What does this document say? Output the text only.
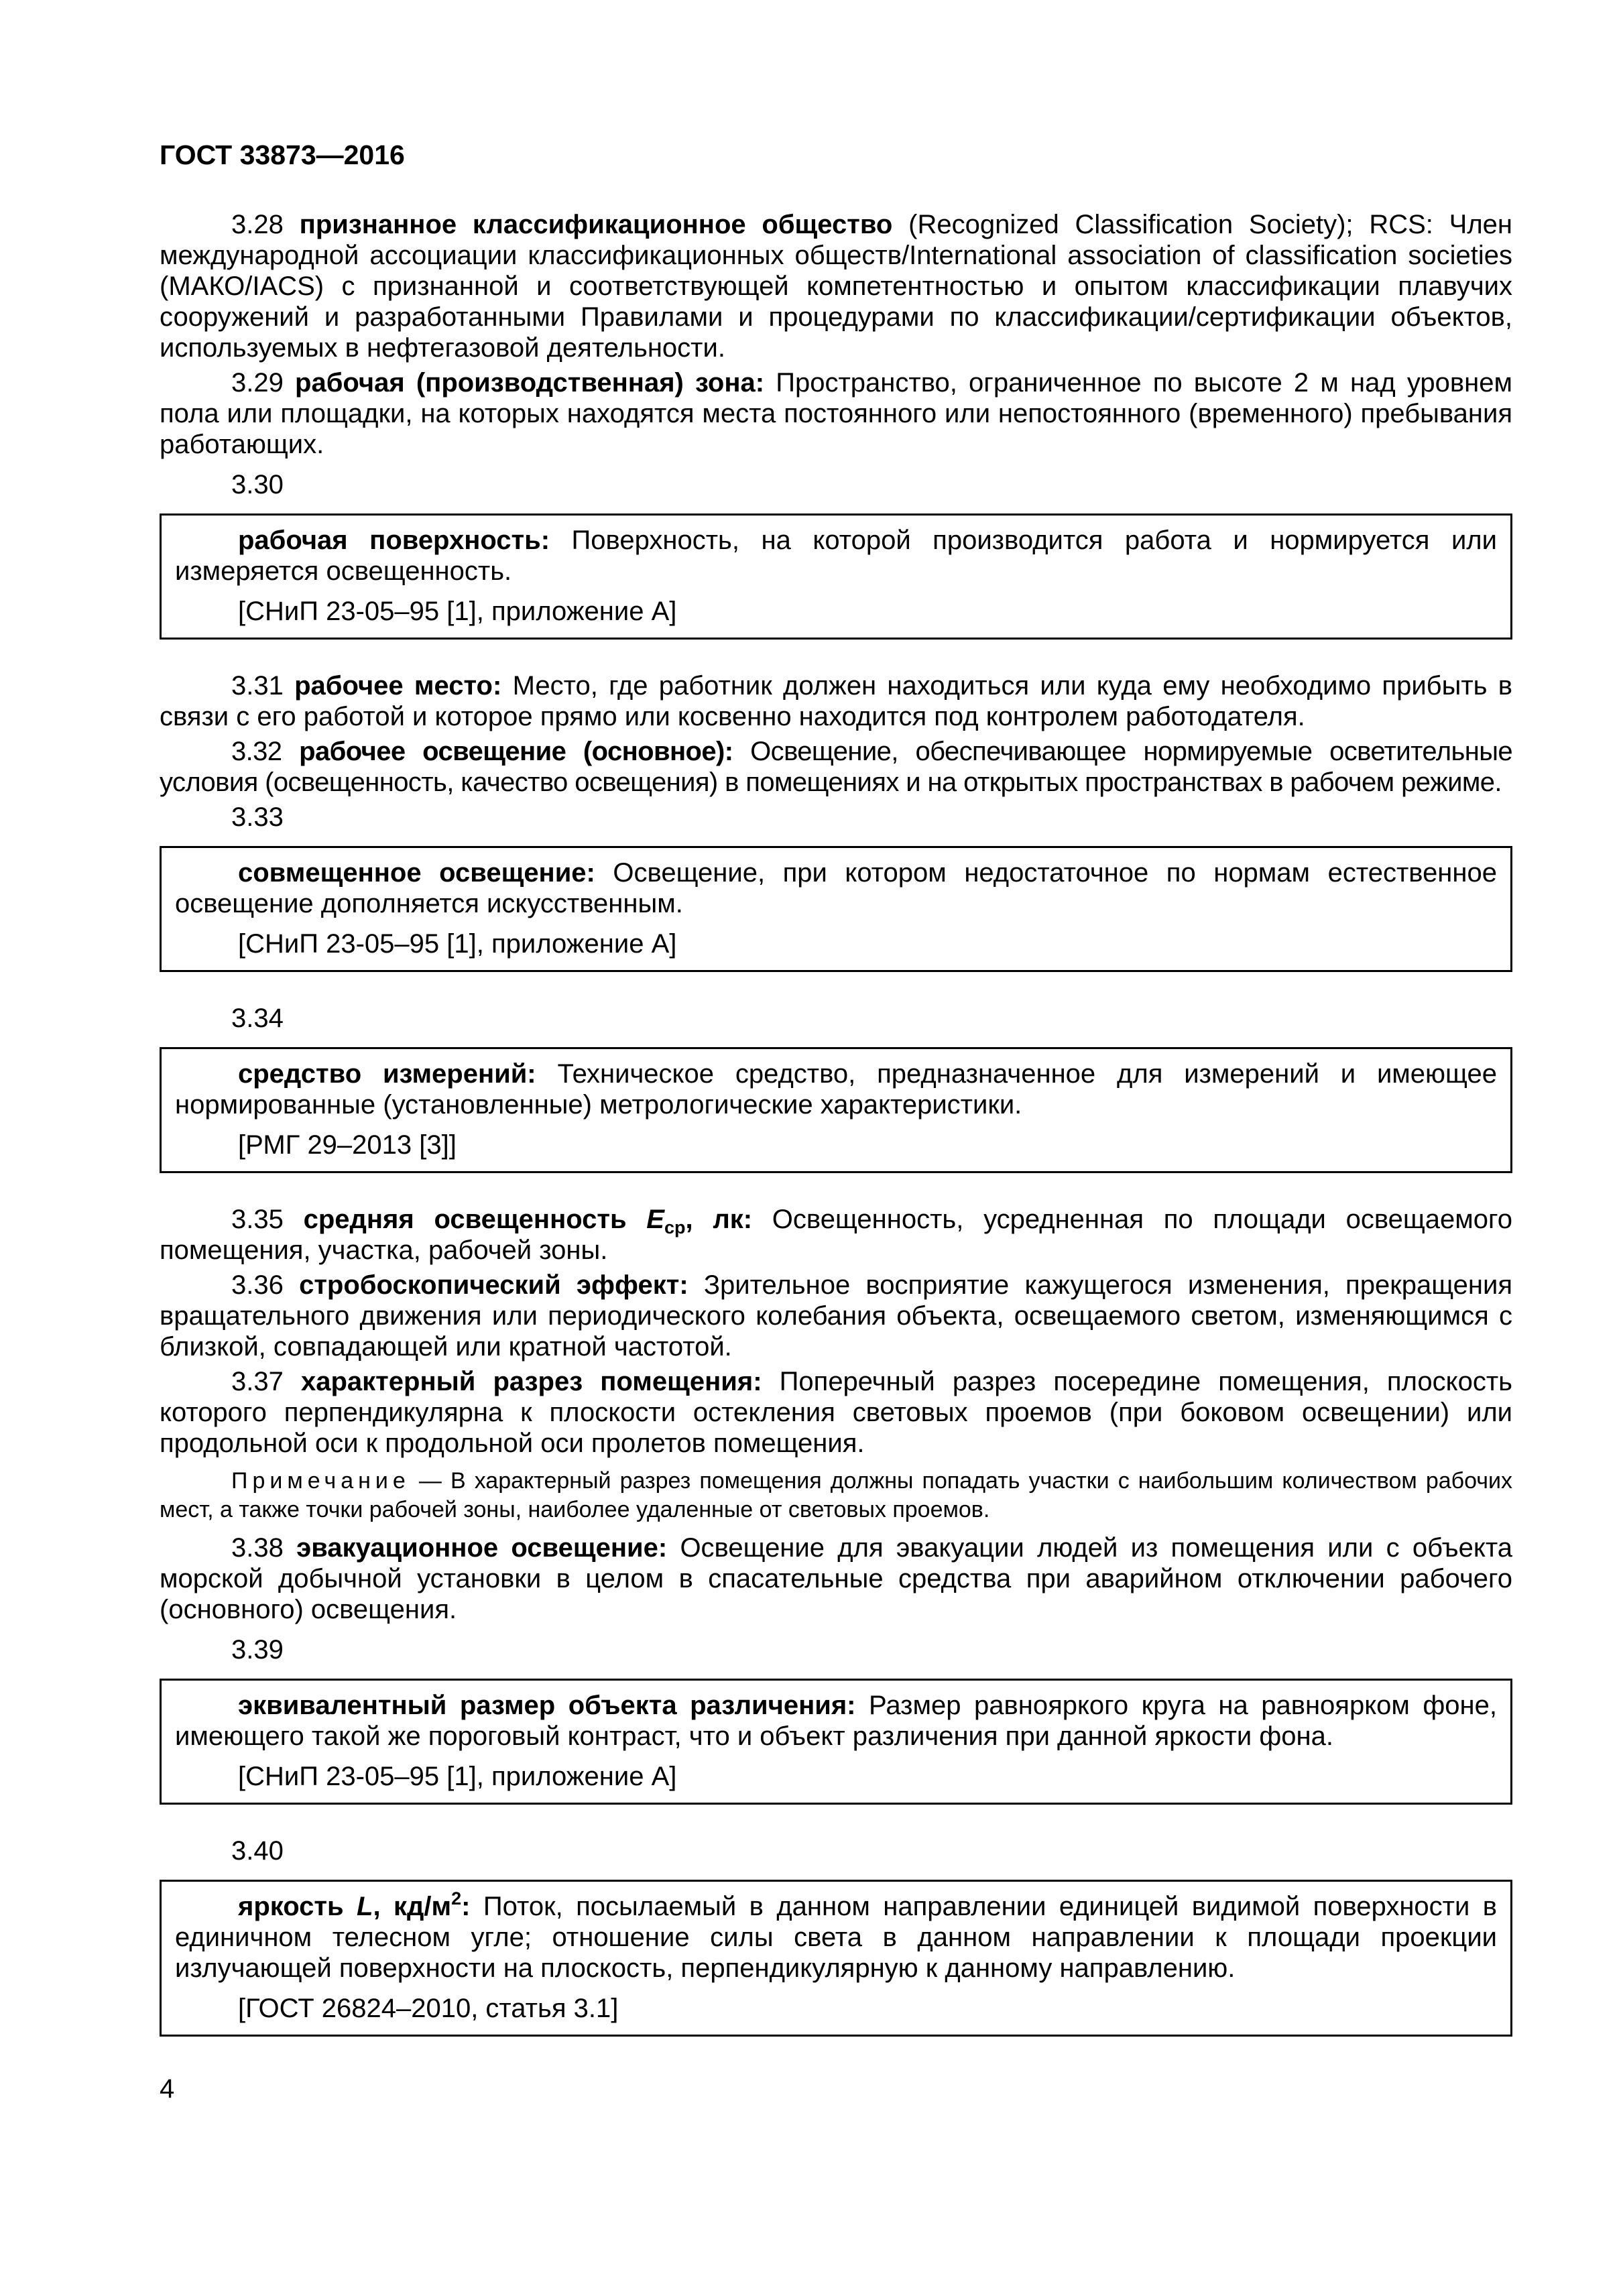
ГОСТ 33873—2016

3.28 признанное классификационное общество (Recognized Classification Society); RCS: Член международной ассоциации классификационных обществ/International association of classification societies (МАКО/IACS) с признанной и соответствующей компетентностью и опытом классификации плавучих сооружений и разработанными Правилами и процедурами по классификации/сертификации объектов, используемых в нефтегазовой деятельности.

3.29 рабочая (производственная) зона: Пространство, ограниченное по высоте 2 м над уровнем пола или площадки, на которых находятся места постоянного или непостоянного (временного) пребывания работающих.

3.30

рабочая поверхность: Поверхность, на которой производится работа и нормируется или измеряется освещенность.

[СНиП 23-05–95 [1], приложение А]

3.31 рабочее место: Место, где работник должен находиться или куда ему необходимо прибыть в связи с его работой и которое прямо или косвенно находится под контролем работодателя.

3.32 рабочее освещение (основное): Освещение, обеспечивающее нормируемые осветительные условия (освещенность, качество освещения) в помещениях и на открытых пространствах в рабочем режиме.

3.33

совмещенное освещение: Освещение, при котором недостаточное по нормам естественное освещение дополняется искусственным.

[СНиП 23-05–95 [1], приложение А]

3.34

средство измерений: Техническое средство, предназначенное для измерений и имеющее нормированные (установленные) метрологические характеристики.

[РМГ 29–2013 [3]]

3.35 средняя освещенность $E_{ср}$, лк: Освещенность, усредненная по площади освещаемого помещения, участка, рабочей зоны.

3.36 стробоскопический эффект: Зрительное восприятие кажущегося изменения, прекращения вращательного движения или периодического колебания объекта, освещаемого светом, изменяющимся с близкой, совпадающей или кратной частотой.

3.37 характерный разрез помещения: Поперечный разрез посередине помещения, плоскость которого перпендикулярна к плоскости остекления световых проемов (при боковом освещении) или продольной оси к продольной оси пролетов помещения.

Примечание — В характерный разрез помещения должны попадать участки с наибольшим количеством рабочих мест, а также точки рабочей зоны, наиболее удаленные от световых проемов.

3.38 эвакуационное освещение: Освещение для эвакуации людей из помещения или с объекта морской добычной установки в целом в спасательные средства при аварийном отключении рабочего (основного) освещения.

3.39

эквивалентный размер объекта различения: Размер равнояркого круга на равноярком фоне, имеющего такой же пороговый контраст, что и объект различения при данной яркости фона.

[СНиП 23-05–95 [1], приложение А]

3.40

яркость L, $кд/м^2$: Поток, посылаемый в данном направлении единицей видимой поверхности в единичном телесном угле; отношение силы света в данном направлении к площади проекции излучающей поверхности на плоскость, перпендикулярную к данному направлению.

[ГОСТ 26824–2010, статья 3.1]

4
